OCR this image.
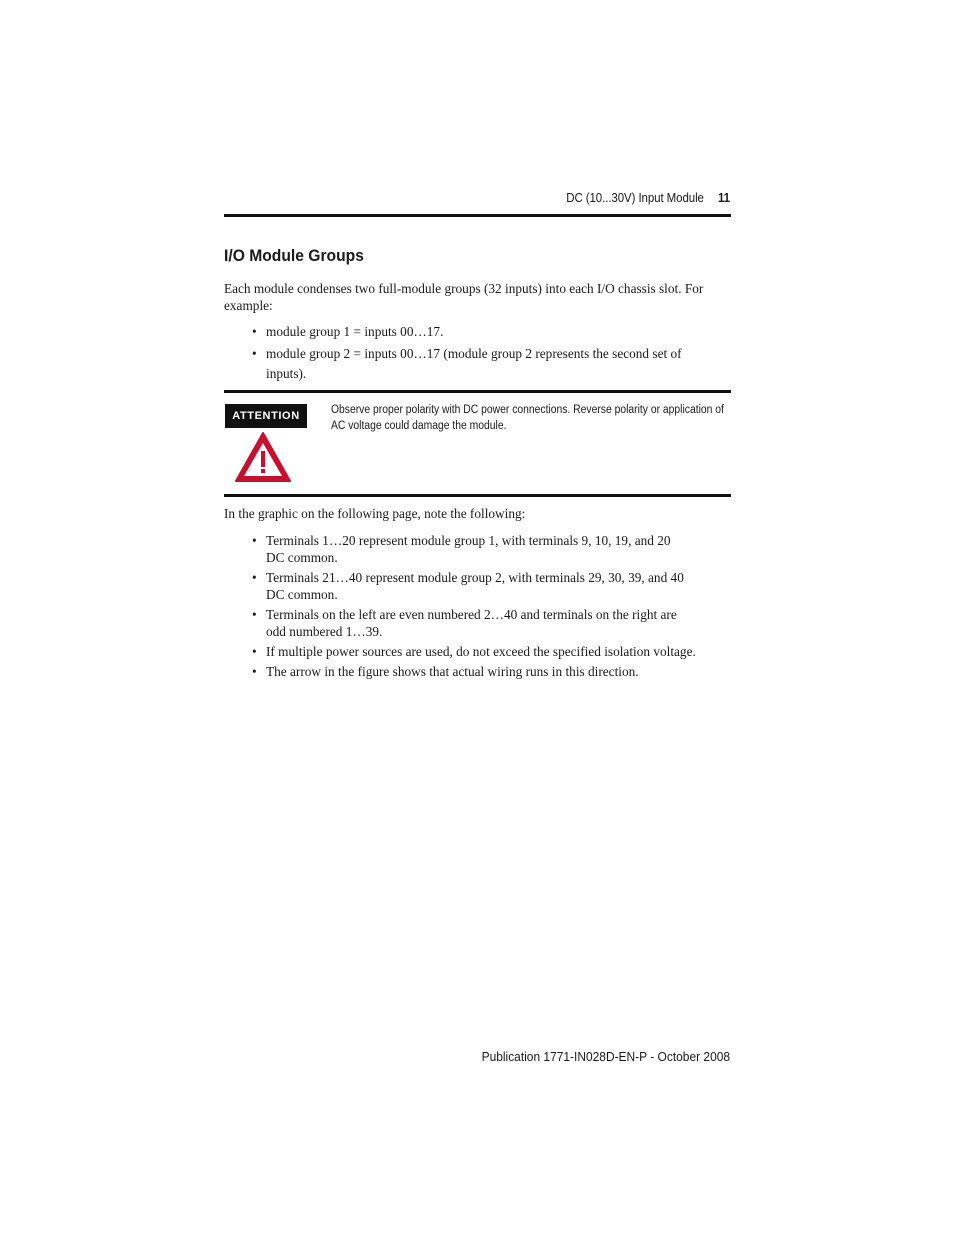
DC (10...30V) Input Module 11
I/O Module Groups
Each module condenses two full-module groups (32 inputs) into each I/O chassis slot. For example:
• module group 1 = inputs 00…17.
• module group 2 = inputs 00…17 (module group 2 represents the second set of inputs).
ATTENTION	Observe proper polarity with DC power connections. Reverse polarity or application of AC voltage could damage the module.
In the graphic on the following page, note the following:
• Terminals 1…20 represent module group 1, with terminals 9, 10, 19, and 20 DC common.
• Terminals 21…40 represent module group 2, with terminals 29, 30, 39, and 40 DC common.
• Terminals on the left are even numbered 2…40 and terminals on the right are odd numbered 1…39.
• If multiple power sources are used, do not exceed the specified isolation voltage.
• The arrow in the figure shows that actual wiring runs in this direction.
Publication 1771-IN028D-EN-P - October 2008
